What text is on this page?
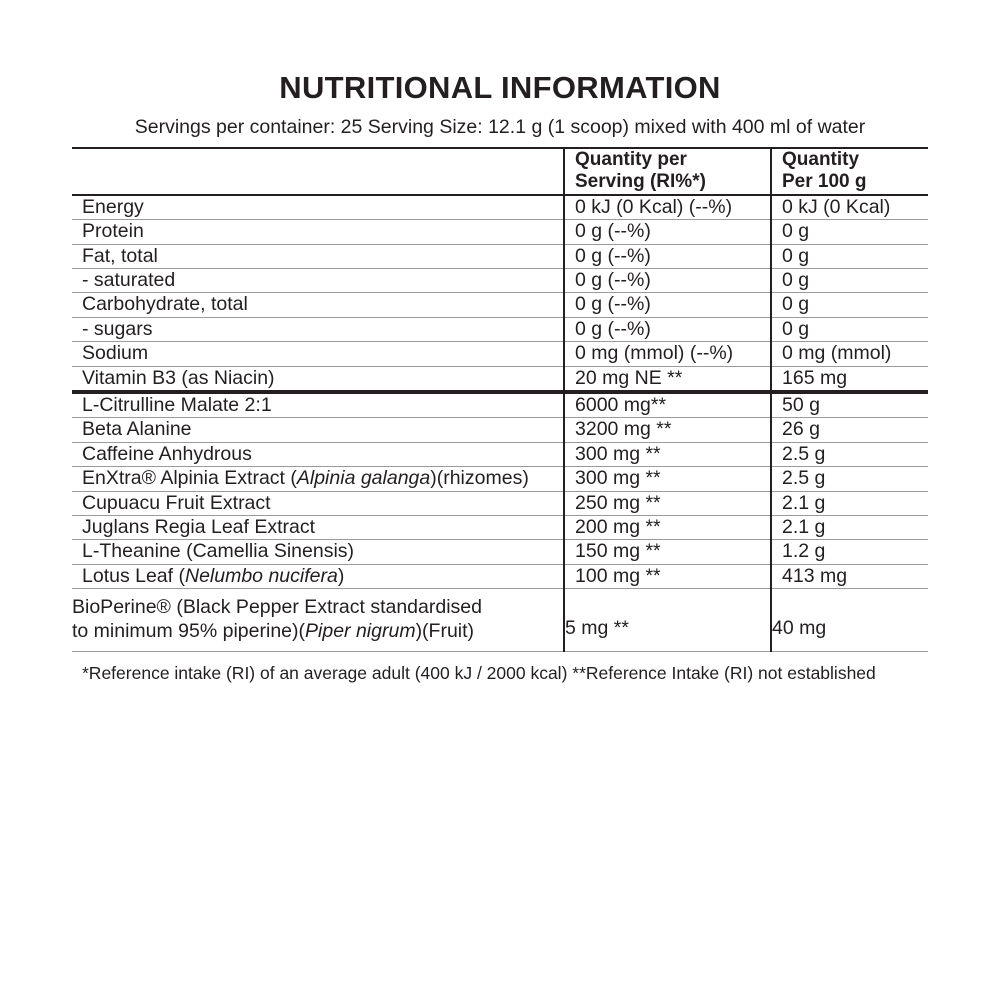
NUTRITIONAL INFORMATION
Servings per container: 25 Serving Size: 12.1 g (1 scoop) mixed with 400 ml of water

Quantity per
Serving (RI%*)

Quantity
Per 100 g

Energy	0 kJ (0 Kcal) (--%)	0 kJ (0 Kcal)
Protein	0 g (--%)	0 g
Fat, total	0 g (--%)	0 g
- saturated	0 g (--%)	0 g
Carbohydrate, total	0 g (--%)	0 g
- sugars	0 g (--%)	0 g
Sodium	0 mg (mmol) (--%)	0 mg (mmol)
Vitamin B3 (as Niacin)	20 mg NE **	165 mg
L-Citrulline Malate 2:1	6000 mg**	50 g
Beta Alanine	3200 mg **	26 g
Caffeine Anhydrous	300 mg **	2.5 g
EnXtra® Alpinia Extract (Alpinia galanga)(rhizomes)	300 mg **	2.5 g
Cupuacu Fruit Extract	250 mg **	2.1 g
Juglans Regia Leaf Extract	200 mg **	2.1 g
L-Theanine (Camellia Sinensis)	150 mg **	1.2 g
Lotus Leaf (Nelumbo nucifera)	100 mg **	413 mg

BioPerine® (Black Pepper Extract standardised
to minimum 95% piperine)(Piper nigrum)(Fruit)	5 mg **	40 mg
*Reference intake (RI) of an average adult (400 kJ / 2000 kcal) **Reference Intake (RI) not established
